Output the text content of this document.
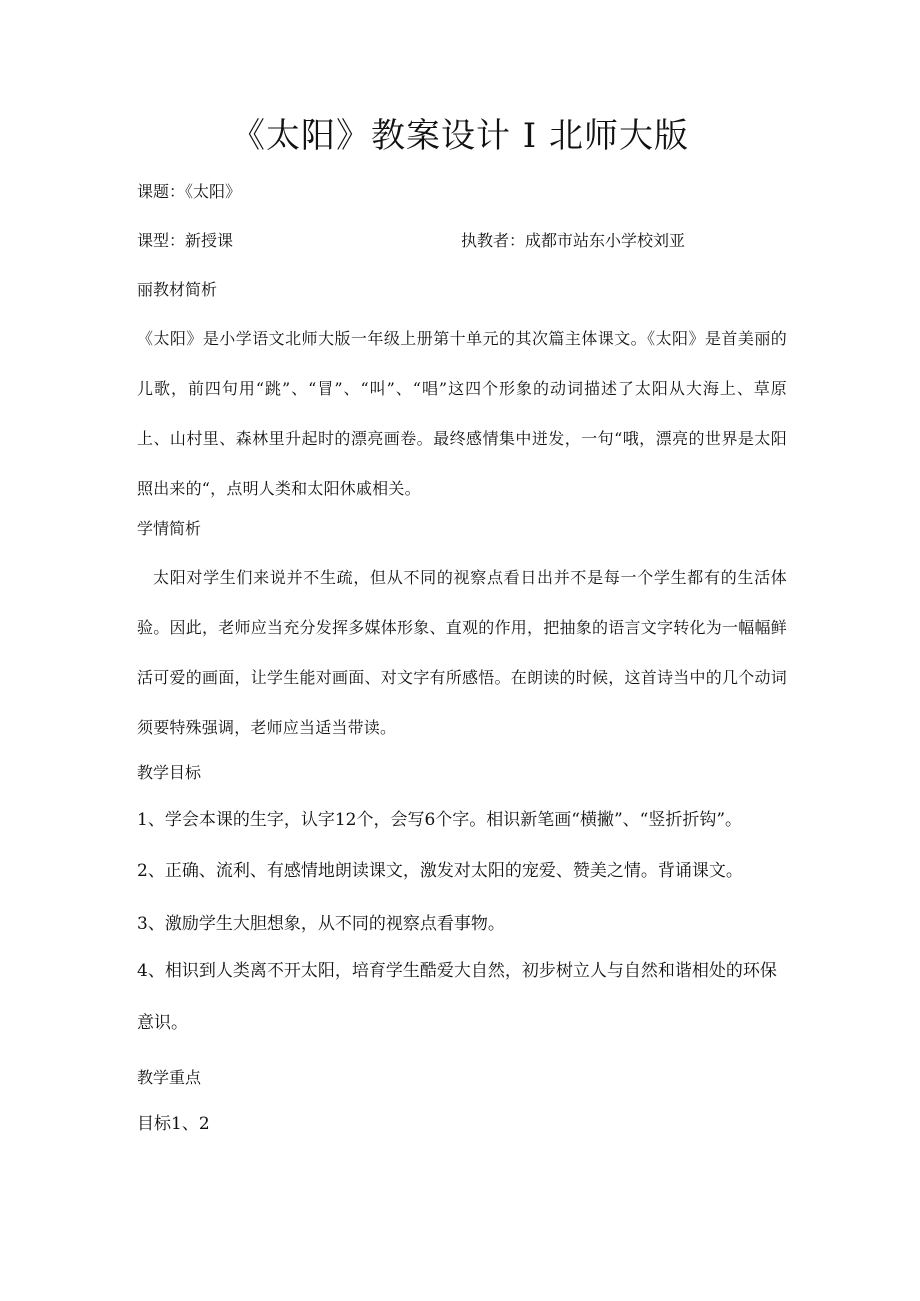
《太阳》教案设计 I 北师大版
课题：《太阳》
课型：新授课	执教者：成都市站东小学校刘亚
丽教材简析
《太阳》是小学语文北师大版一年级上册第十单元的其次篇主体课文。《太阳》是首美丽的儿歌，前四句用“跳”、“冒”、“叫”、“唱”这四个形象的动词描述了太阳从大海上、草原上、山村里、森林里升起时的漂亮画卷。最终感情集中迸发，一句“哦，漂亮的世界是太阳照出来的“，点明人类和太阳休戚相关。
学情简析
太阳对学生们来说并不生疏，但从不同的视察点看日出并不是每一个学生都有的生活体验。因此，老师应当充分发挥多媒体形象、直观的作用，把抽象的语言文字转化为一幅幅鲜活可爱的画面，让学生能对画面、对文字有所感悟。在朗读的时候，这首诗当中的几个动词须要特殊强调，老师应当适当带读。
教学目标
1、学会本课的生字，认字12个，会写6个字。相识新笔画“横撇”、“竖折折钩”。
2、正确、流利、有感情地朗读课文，激发对太阳的宠爱、赞美之情。背诵课文。
3、激励学生大胆想象，从不同的视察点看事物。
4、相识到人类离不开太阳，培育学生酷爱大自然，初步树立人与自然和谐相处的环保意识。
教学重点
目标1、2
